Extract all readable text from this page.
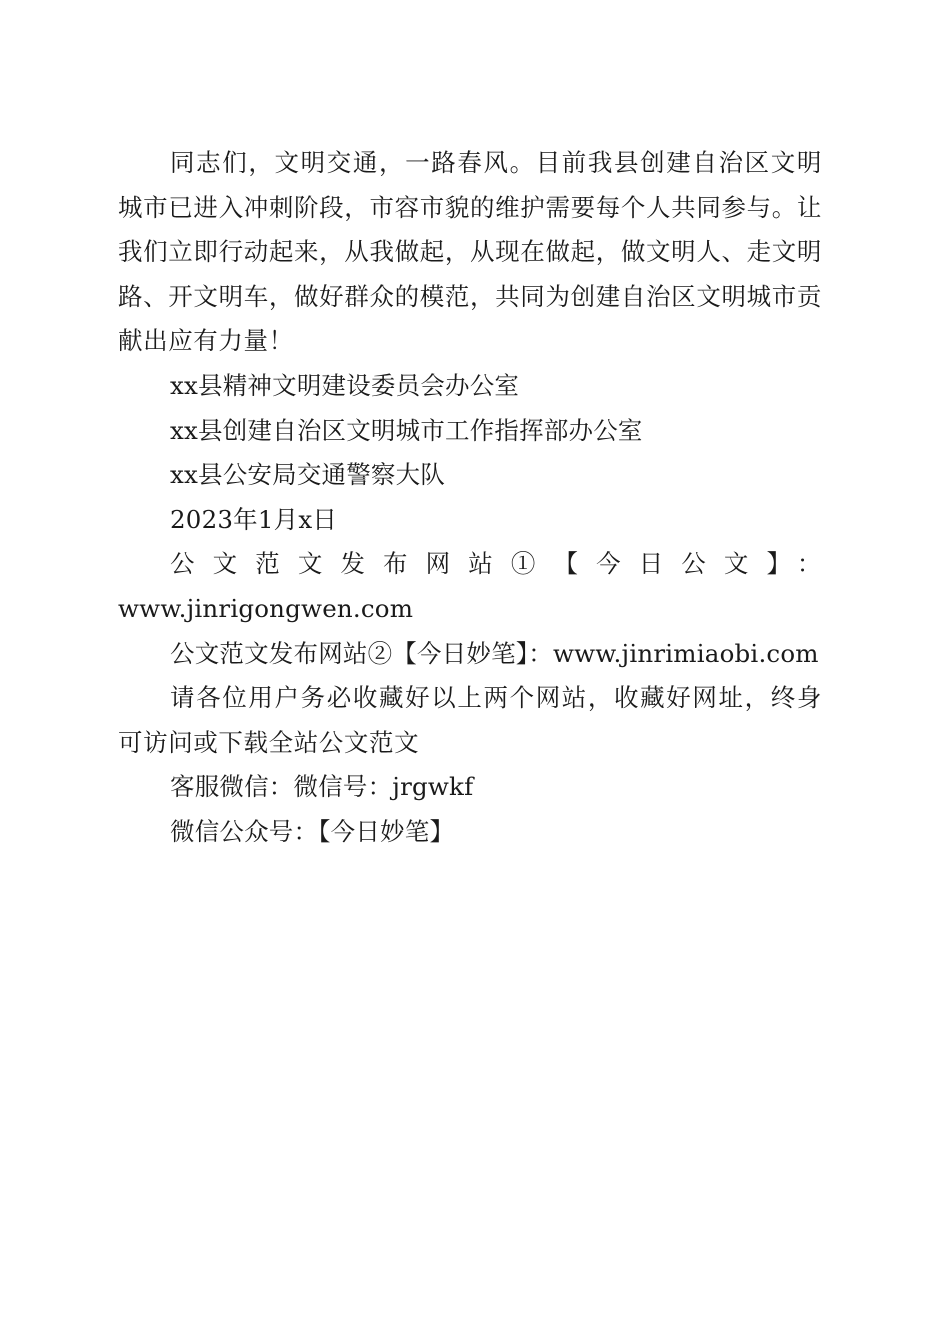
同志们，文明交通，一路春风。目前我县创建自治区文明城市已进入冲刺阶段，市容市貌的维护需要每个人共同参与。让我们立即行动起来，从我做起，从现在做起，做文明人、走文明路、开文明车，做好群众的模范，共同为创建自治区文明城市贡献出应有力量！

xx县精神文明建设委员会办公室

xx县创建自治区文明城市工作指挥部办公室

xx县公安局交通警察大队

2023年1月x日

公文范文发布网站①【今日公文】：

www.jinrigongwen.com

公文范文发布网站②【今日妙笔】：www.jinrimiaobi.com

请各位用户务必收藏好以上两个网站，收藏好网址，终身可访问或下载全站公文范文

客服微信：微信号：jrgwkf

微信公众号：【今日妙笔】
